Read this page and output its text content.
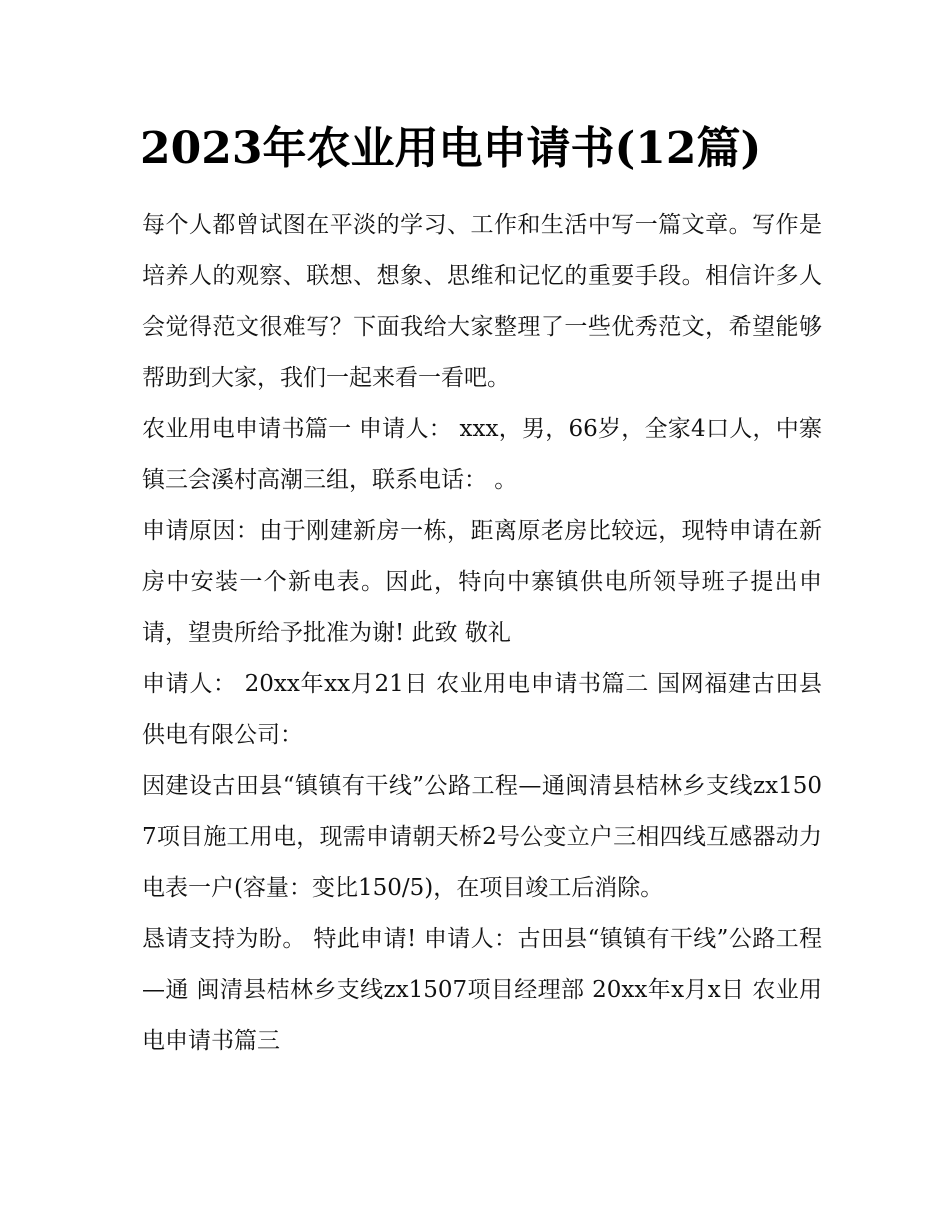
2023年农业用电申请书(12篇)

每个人都曾试图在平淡的学习、工作和生活中写一篇文章。写作是培养人的观察、联想、想象、思维和记忆的重要手段。相信许多人会觉得范文很难写？下面我给大家整理了一些优秀范文，希望能够帮助到大家，我们一起来看一看吧。

农业用电申请书篇一 申请人： xxx，男，66岁，全家4口人，中寨镇三会溪村高潮三组，联系电话： 。

申请原因：由于刚建新房一栋，距离原老房比较远，现特申请在新房中安装一个新电表。因此，特向中寨镇供电所领导班子提出申请，望贵所给予批准为谢! 此致 敬礼

申请人： 20xx年xx月21日 农业用电申请书篇二 国网福建古田县供电有限公司：

因建设古田县“镇镇有干线”公路工程—通闽清县桔林乡支线zx1507项目施工用电，现需申请朝天桥2号公变立户三相四线互感器动力电表一户(容量：变比150/5)，在项目竣工后消除。

恳请支持为盼。 特此申请! 申请人：古田县“镇镇有干线”公路工程—通 闽清县桔林乡支线zx1507项目经理部 20xx年x月x日 农业用电申请书篇三
